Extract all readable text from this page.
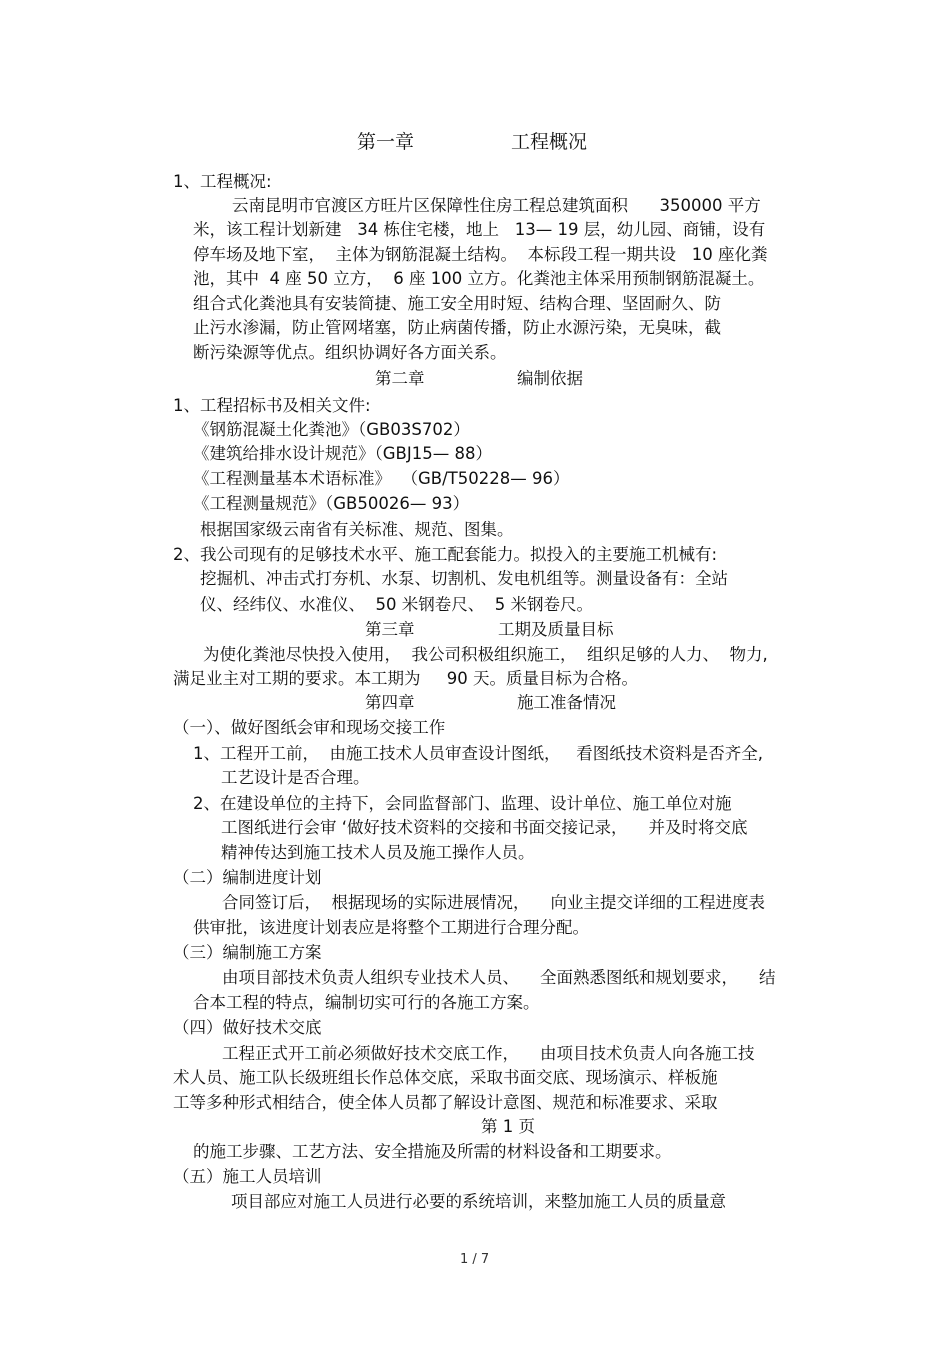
第一章	工程概况
1、工程概况:
云南昆明市官渡区方旺片区保障性住房工程总建筑面积      350000 平方
米，该工程计划新建   34 栋住宅楼，地上   13— 19 层，幼儿园、商铺，设有
停车场及地下室，  主体为钢筋混凝土结构。  本标段工程一期共设   10 座化粪
池，其中  4 座 50 立方，  6 座 100 立方。化粪池主体采用预制钢筋混凝土。
组合式化粪池具有安装简捷、施工安全用时短、结构合理、坚固耐久、防
止污水渗漏，防止管网堵塞，防止病菌传播，防止水源污染，无臭味，截
断污染源等优点。组织协调好各方面关系。
第二章	编制依据
1、工程招标书及相关文件:
《钢筋混凝土化粪池》（GB03S702）
《建筑给排水设计规范》（GBJ15— 88）
《工程测量基本术语标准》  （GB/T50228— 96）
《工程测量规范》（GB50026— 93）
根据国家级云南省有关标准、规范、图集。
2、我公司现有的足够技术水平、施工配套能力。拟投入的主要施工机械有:
挖掘机、冲击式打夯机、水泵、切割机、发电机组等。测量设备有：全站
仪、经纬仪、水准仪、  50 米钢卷尺、  5 米钢卷尺。
第三章	工期及质量目标
为使化粪池尽快投入使用，  我公司积极组织施工，  组织足够的人力、  物力,
满足业主对工期的要求。本工期为     90 天。质量目标为合格。
第四章	施工准备情况
（一）、做好图纸会审和现场交接工作
1、工程开工前，  由施工技术人员审查设计图纸，   看图纸技术资料是否齐全,
工艺设计是否合理。
2、在建设单位的主持下，会同监督部门、监理、设计单位、施工单位对施
工图纸进行会审 ‘做好技术资料的交接和书面交接记录，    并及时将交底
精神传达到施工技术人员及施工操作人员。
（二）编制进度计划
合同签订后，  根据现场的实际进展情况，    向业主提交详细的工程进度表
供审批，该进度计划表应是将整个工期进行合理分配。
（三）编制施工方案
由项目部技术负责人组织专业技术人员、    全面熟悉图纸和规划要求，    结
合本工程的特点，编制切实可行的各施工方案。
（四）做好技术交底
工程正式开工前必须做好技术交底工作，    由项目技术负责人向各施工技
术人员、施工队长级班组长作总体交底，采取书面交底、现场演示、样板施
工等多种形式相结合，使全体人员都了解设计意图、规范和标准要求、采取
第 1 页
的施工步骤、工艺方法、安全措施及所需的材料设备和工期要求。
（五）施工人员培训
项目部应对施工人员进行必要的系统培训，来整加施工人员的质量意
1 / 7
